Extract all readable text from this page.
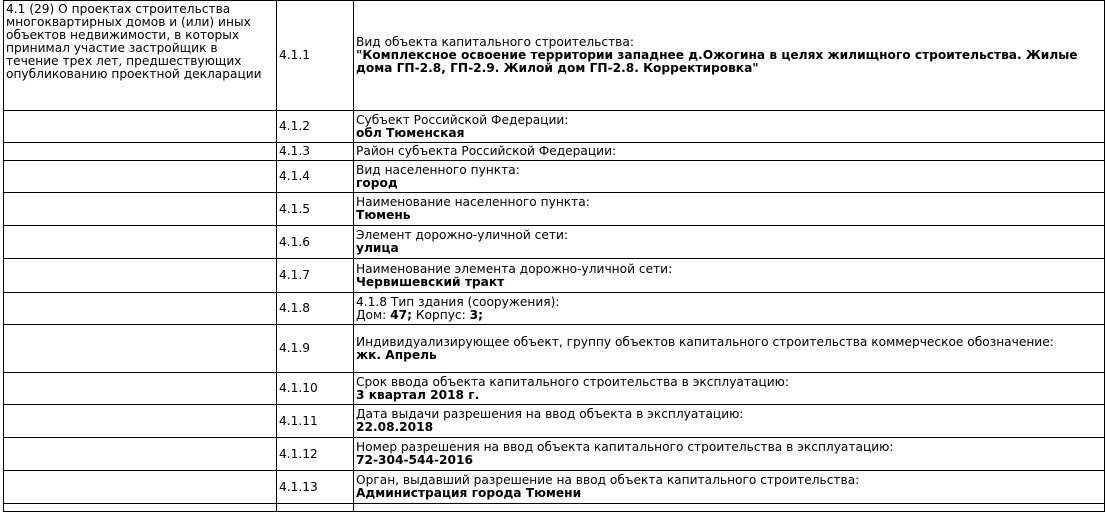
4.1 (29) О проектах строительства многоквартирных домов и (или) иных объектов недвижимости, в которых принимал участие застройщик в течение трех лет, предшествующих опубликованию проектной декларации	4.1.1	Вид объекта капитального строительства:
"Комплексное освоение территории западнее д.Ожогина в целях жилищного строительства. Жилые дома ГП-2.8, ГП-2.9. Жилой дом ГП-2.8. Корректировка"

	4.1.2	Субъект Российской Федерации:
обл Тюменская

	4.1.3	Район субъекта Российской Федерации:

	4.1.4	Вид населенного пункта:
город

	4.1.5	Наименование населенного пункта:
Тюмень

	4.1.6	Элемент дорожно-уличной сети:
улица

	4.1.7	Наименование элемента дорожно-уличной сети:
Червишевский тракт

	4.1.8	4.1.8 Тип здания (сооружения):
Дом: 47; Корпус: 3;

	4.1.9	Индивидуализирующее объект, группу объектов капитального строительства коммерческое обозначение:
жк. Апрель

	4.1.10	Срок ввода объекта капитального строительства в эксплуатацию:
3 квартал 2018 г.

	4.1.11	Дата выдачи разрешения на ввод объекта в эксплуатацию:
22.08.2018

	4.1.12	Номер разрешения на ввод объекта капитального строительства в эксплуатацию:
72-304-544-2016

	4.1.13	Орган, выдавший разрешение на ввод объекта капитального строительства:
Администрация города Тюмени
